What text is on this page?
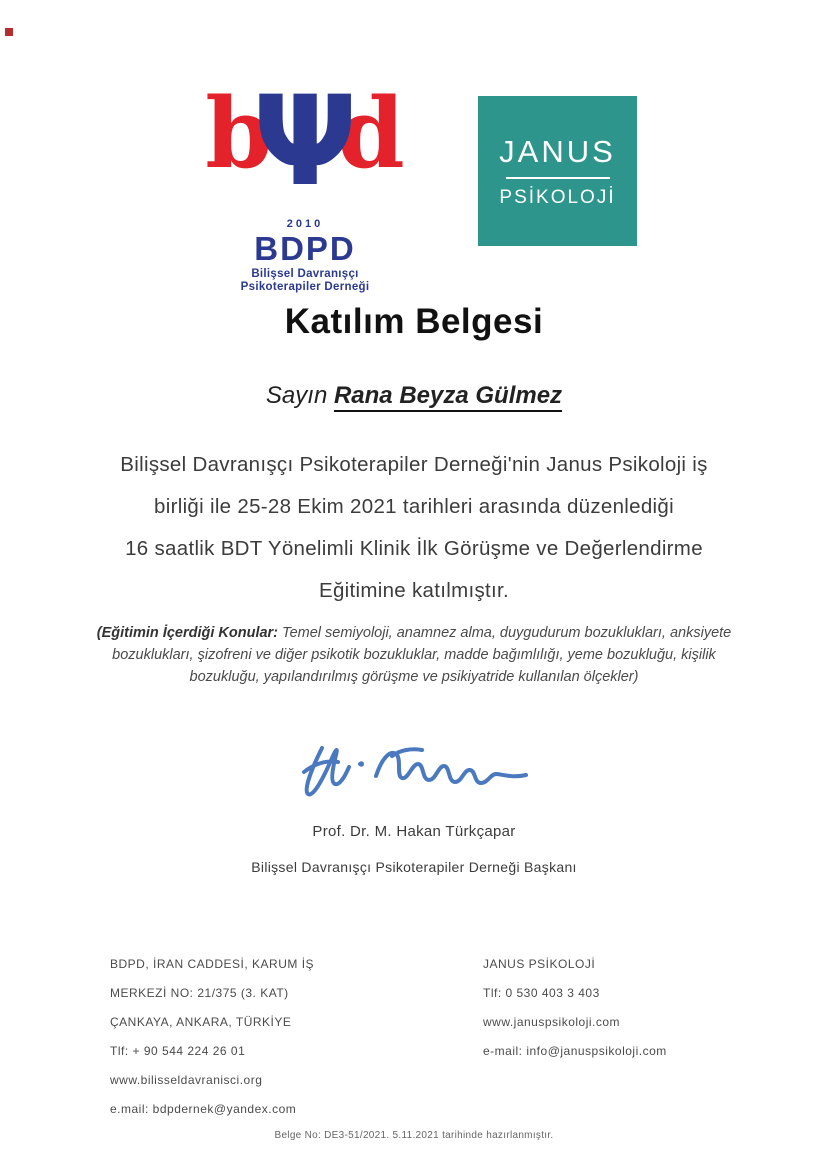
b
Ψ
d
2010
BDPD
Bilişsel Davranışçı
Psikoterapiler Derneği
JANUS
PSİKOLOJİ
Katılım Belgesi
Sayın Rana Beyza Gülmez
Bilişsel Davranışçı Psikoterapiler Derneği'nin Janus Psikoloji iş
birliği ile 25-28 Ekim 2021 tarihleri arasında düzenlediği
16 saatlik BDT Yönelimli Klinik İlk Görüşme ve Değerlendirme
Eğitimine katılmıştır.
(Eğitimin İçerdiği Konular: Temel semiyoloji, anamnez alma, duygudurum bozuklukları, anksiyete bozuklukları, şizofreni ve diğer psikotik bozukluklar, madde bağımlılığı, yeme bozukluğu, kişilik bozukluğu, yapılandırılmış görüşme ve psikiyatride kullanılan ölçekler)
Prof. Dr. M. Hakan Türkçapar
Bilişsel Davranışçı Psikoterapiler Derneği Başkanı
BDPD, İRAN CADDESİ, KARUM İŞ
MERKEZİ NO: 21/375 (3. KAT)
ÇANKAYA, ANKARA, TÜRKİYE
Tlf: + 90 544 224 26 01
www.bilisseldavranisci.org
e.mail: bdpdernek@yandex.com
JANUS PSİKOLOJİ
Tlf: 0 530 403 3 403
www.januspsikoloji.com
e-mail: info@januspsikoloji.com
Belge No: DE3-51/2021. 5.11.2021 tarihinde hazırlanmıştır.
